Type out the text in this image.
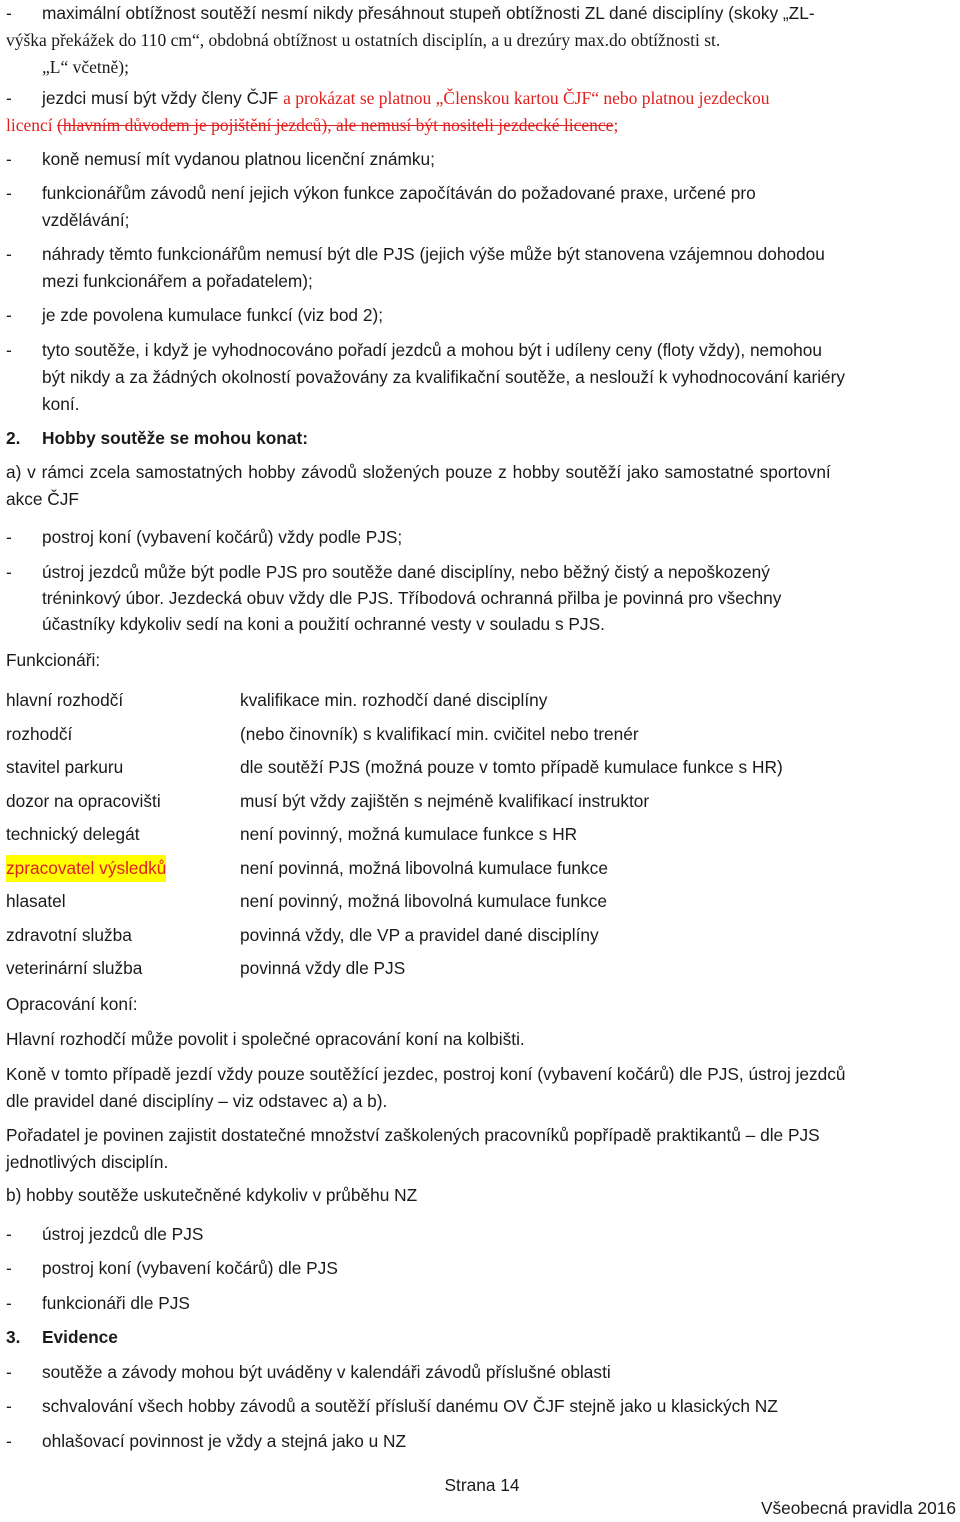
- maximální obtížnost soutěží nesmí nikdy přesáhnout stupeň obtížnosti ZL dané disciplíny (skoky „ZL-
výška překážek do 110 cm“, obdobná obtížnost u ostatních disciplín, a u drezúry max.do obtížnosti st.
„L“ včetně);
- jezdci musí být vždy členy ČJF a prokázat se platnou „Členskou kartou ČJF“ nebo platnou jezdeckou
licencí (hlavním důvodem je pojištění jezdců), ale nemusí být nositeli jezdecké licence;
- koně nemusí mít vydanou platnou licenční známku;
- funkcionářům závodů není jejich výkon funkce započítáván do požadované praxe, určené pro
vzdělávání;
- náhrady těmto funkcionářům nemusí být dle PJS (jejich výše může být stanovena vzájemnou dohodou
mezi funkcionářem a pořadatelem);
- je zde povolena kumulace funkcí (viz bod 2);
- tyto soutěže, i když je vyhodnocováno pořadí jezdců a mohou být i udíleny ceny (floty vždy), nemohou
být nikdy a za žádných okolností považovány za kvalifikační soutěže, a neslouží k vyhodnocování kariéry
koní.
2. Hobby soutěže se mohou konat:
a) v rámci zcela samostatných hobby závodů složených pouze z hobby soutěží jako samostatné sportovní
akce ČJF
- postroj koní (vybavení kočárů) vždy podle PJS;
- ústroj jezdců může být podle PJS pro soutěže dané disciplíny, nebo běžný čistý a nepoškozený
tréninkový úbor. Jezdecká obuv vždy dle PJS. Tříbodová ochranná přilba je povinná pro všechny
účastníky kdykoliv sedí na koni a použití ochranné vesty v souladu s PJS.
Funkcionáři:
hlavní rozhodčí	kvalifikace min. rozhodčí dané disciplíny
rozhodčí	(nebo činovník) s kvalifikací min. cvičitel nebo trenér
stavitel parkuru	dle soutěží PJS (možná pouze v tomto případě kumulace funkce s HR)
dozor na opracovišti	musí být vždy zajištěn s nejméně kvalifikací instruktor
technický delegát	není povinný, možná kumulace funkce s HR
zpracovatel výsledků	není povinná, možná libovolná kumulace funkce
hlasatel	není povinný, možná libovolná kumulace funkce
zdravotní služba	povinná vždy, dle VP a pravidel dané disciplíny
veterinární služba	povinná vždy dle PJS
Opracování koní:
Hlavní rozhodčí může povolit i společné opracování koní na kolbišti.
Koně v tomto případě jezdí vždy pouze soutěžící jezdec, postroj koní (vybavení kočárů) dle PJS, ústroj jezdců
dle pravidel dané disciplíny – viz odstavec a) a b).
Pořadatel je povinen zajistit dostatečné množství zaškolených pracovníků popřípadě praktikantů – dle PJS
jednotlivých disciplín.
b) hobby soutěže uskutečněné kdykoliv v průběhu NZ
- ústroj jezdců dle PJS
- postroj koní (vybavení kočárů) dle PJS
- funkcionáři dle PJS
3. Evidence
- soutěže a závody mohou být uváděny v kalendáři závodů příslušné oblasti
- schvalování všech hobby závodů a soutěží přísluší danému OV ČJF stejně jako u klasických NZ
- ohlašovací povinnost je vždy a stejná jako u NZ
Strana 14
Všeobecná pravidla 2016
